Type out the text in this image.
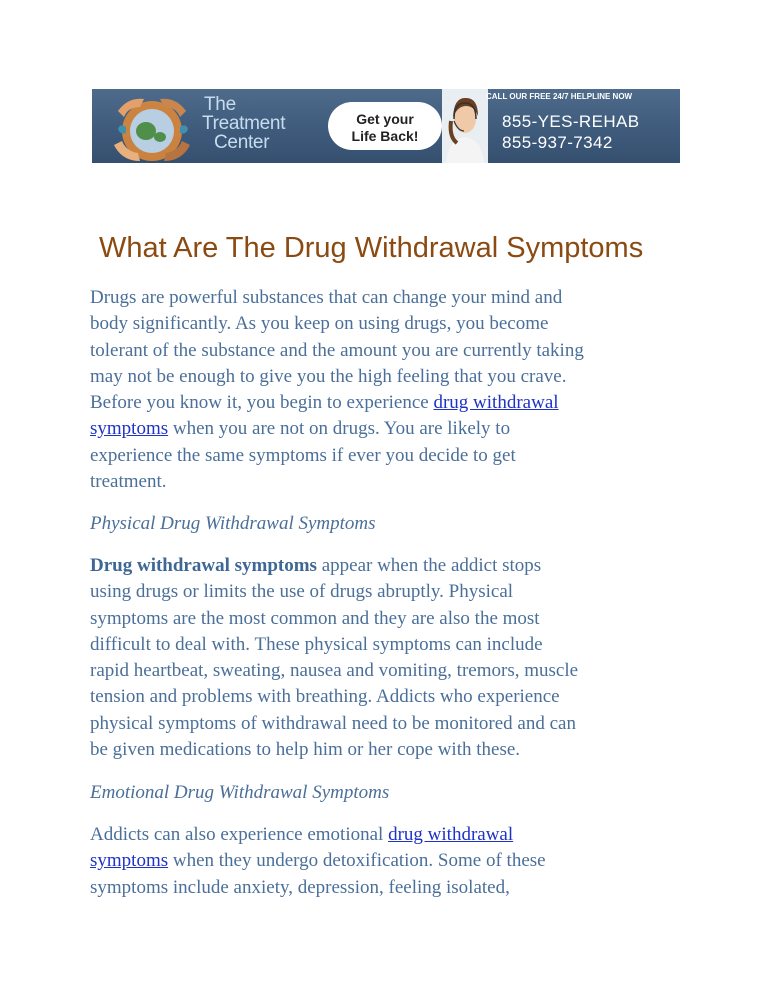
The
Treatment
Center
Get your
Life Back!
CALL OUR FREE 24/7 HELPLINE NOW
855-YES-REHAB
855-937-7342
What Are The Drug Withdrawal Symptoms

Drugs are powerful substances that can change your mind and
body significantly. As you keep on using drugs, you become
tolerant of the substance and the amount you are currently taking
may not be enough to give you the high feeling that you crave.
Before you know it, you begin to experience drug withdrawal
symptoms when you are not on drugs. You are likely to
experience the same symptoms if ever you decide to get
treatment.

Physical Drug Withdrawal Symptoms

Drug withdrawal symptoms appear when the addict stops
using drugs or limits the use of drugs abruptly. Physical
symptoms are the most common and they are also the most
difficult to deal with. These physical symptoms can include
rapid heartbeat, sweating, nausea and vomiting, tremors, muscle
tension and problems with breathing. Addicts who experience
physical symptoms of withdrawal need to be monitored and can
be given medications to help him or her cope with these.

Emotional Drug Withdrawal Symptoms

Addicts can also experience emotional drug withdrawal
symptoms when they undergo detoxification. Some of these
symptoms include anxiety, depression, feeling isolated,
